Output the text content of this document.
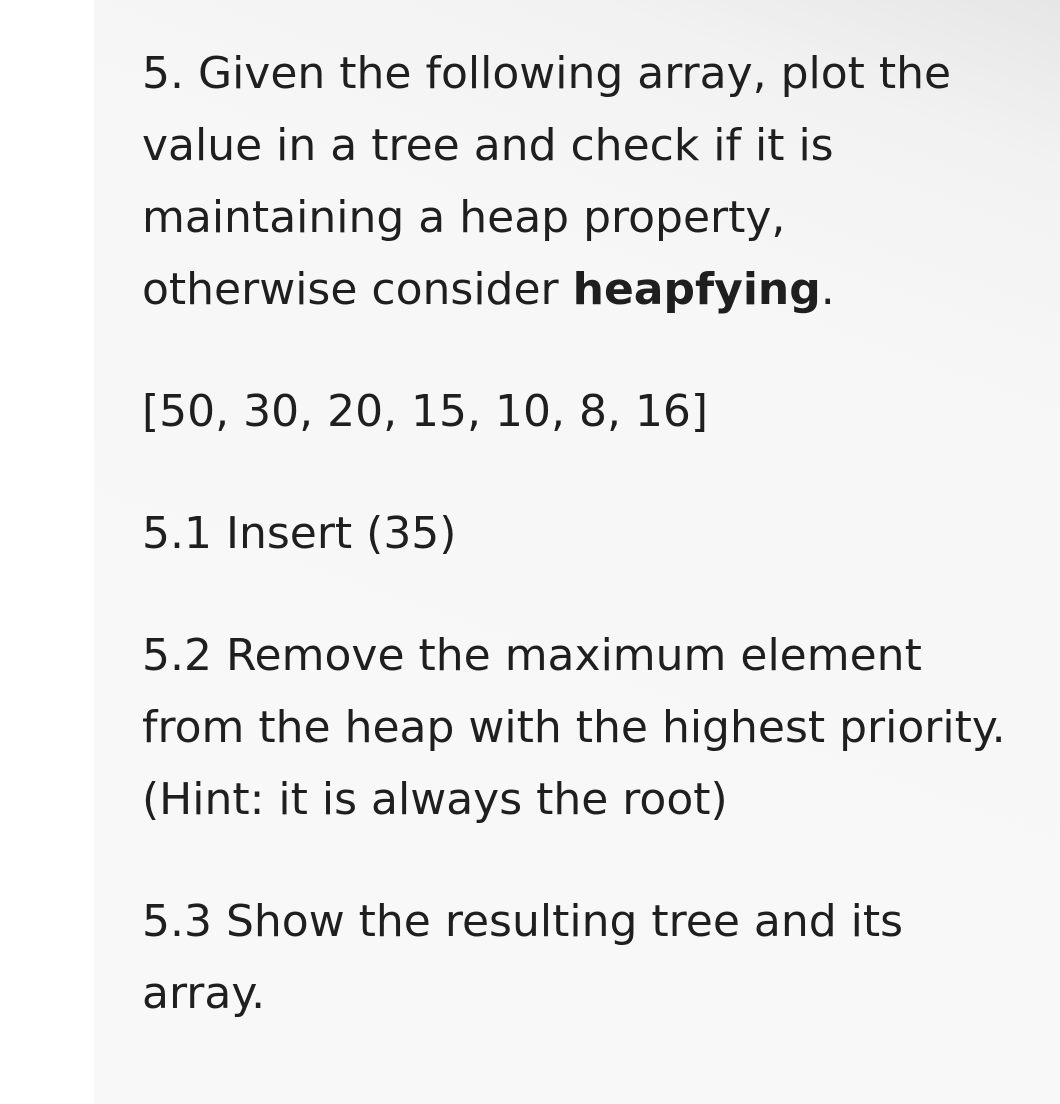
5. Given the following array, plot the
value in a tree and check if it is
maintaining a heap property,
otherwise consider heapfying.

[50, 30, 20, 15, 10, 8, 16]

5.1 Insert (35)

5.2 Remove the maximum element
from the heap with the highest priority.
(Hint: it is always the root)

5.3 Show the resulting tree and its
array.
